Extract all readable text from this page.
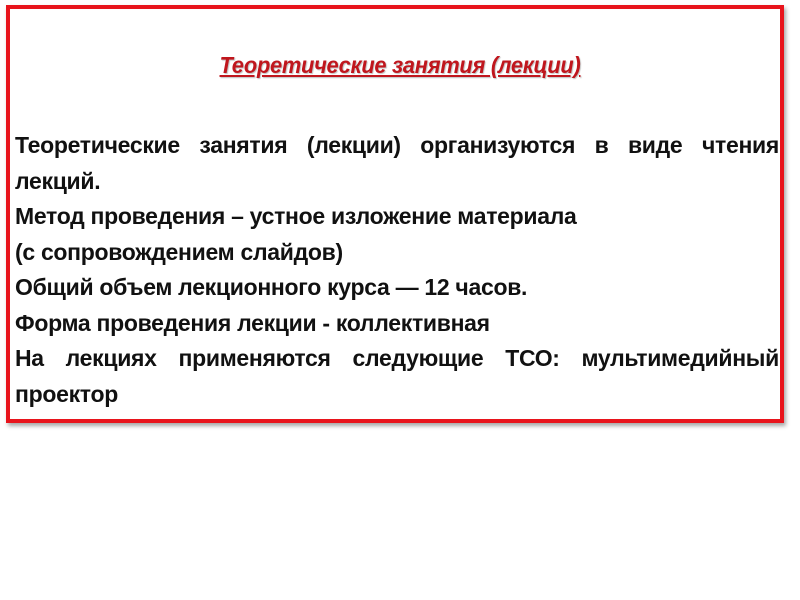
Теоретические занятия (лекции)
Теоретические занятия (лекции) организуются в виде чтения
лекций.
Метод проведения – устное изложение материала
(с сопровождением слайдов)
Общий объем лекционного курса — 12 часов.
Форма проведения лекции - коллективная
На лекциях применяются следующие ТСО: мультимедийный
проектор
